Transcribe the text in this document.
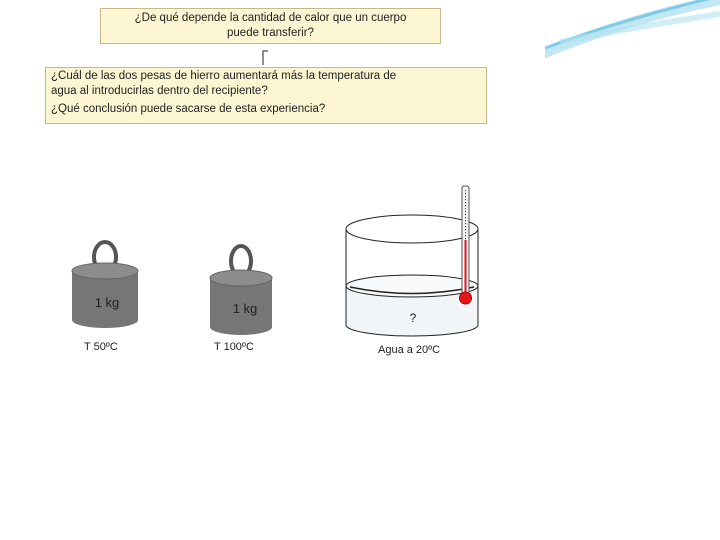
¿De qué depende la cantidad de calor que un cuerpo

puede transferir?

¿Cuál de las dos pesas de hierro aumentará más la temperatura de

agua al introducirlas dentro del recipiente?

¿Qué conclusión puede sacarse de esta experiencia?

1 kg
T 50ºC
1 kg
T 100ºC
?
Agua a 20ºC
